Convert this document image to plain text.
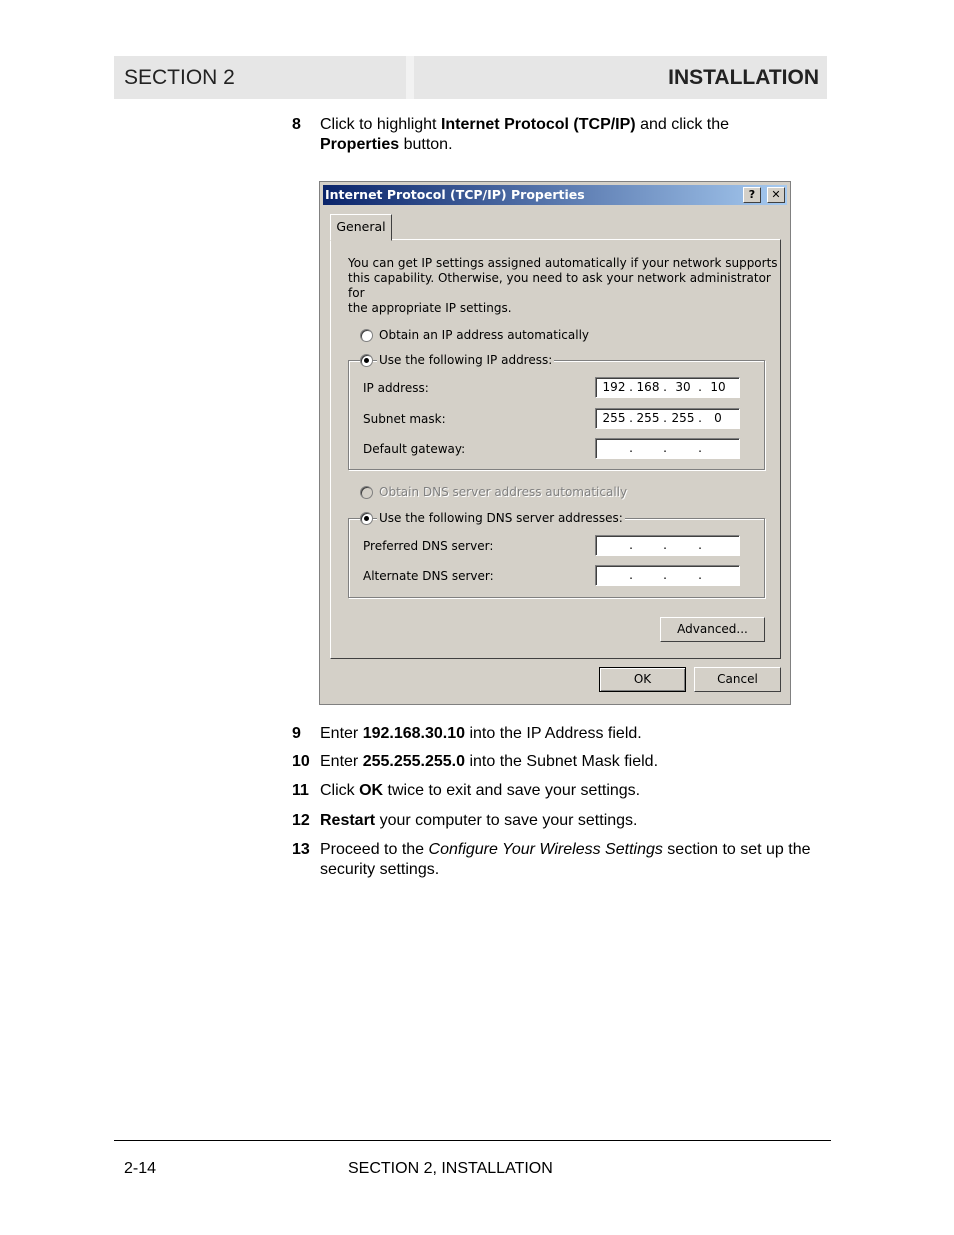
SECTION 2	INSTALLATION
8	Click to highlight Internet Protocol (TCP/IP) and click the
Properties button.
Internet Protocol (TCP/IP) Properties	?	✕
General
You can get IP settings assigned automatically if your network supports
this capability. Otherwise, you need to ask your network administrator for
the appropriate IP settings.
Obtain an IP address automatically
Use the following IP address:
IP address:	192 . 168 . 30 . 10
Subnet mask:	255 . 255 . 255 .	0
Default gateway:	.	.	.
Obtain DNS server address automatically
Use the following DNS server addresses:
Preferred DNS server:	.	.	.
Alternate DNS server:	.	.	.
Advanced...
OK	Cancel
9	Enter 192.168.30.10 into the IP Address field.
10 Enter 255.255.255.0 into the Subnet Mask field.
11 Click OK twice to exit and save your settings.
12 Restart your computer to save your settings.
13 Proceed to the Configure Your Wireless Settings section to set up the security settings.
2-14	SECTION 2, INSTALLATION
